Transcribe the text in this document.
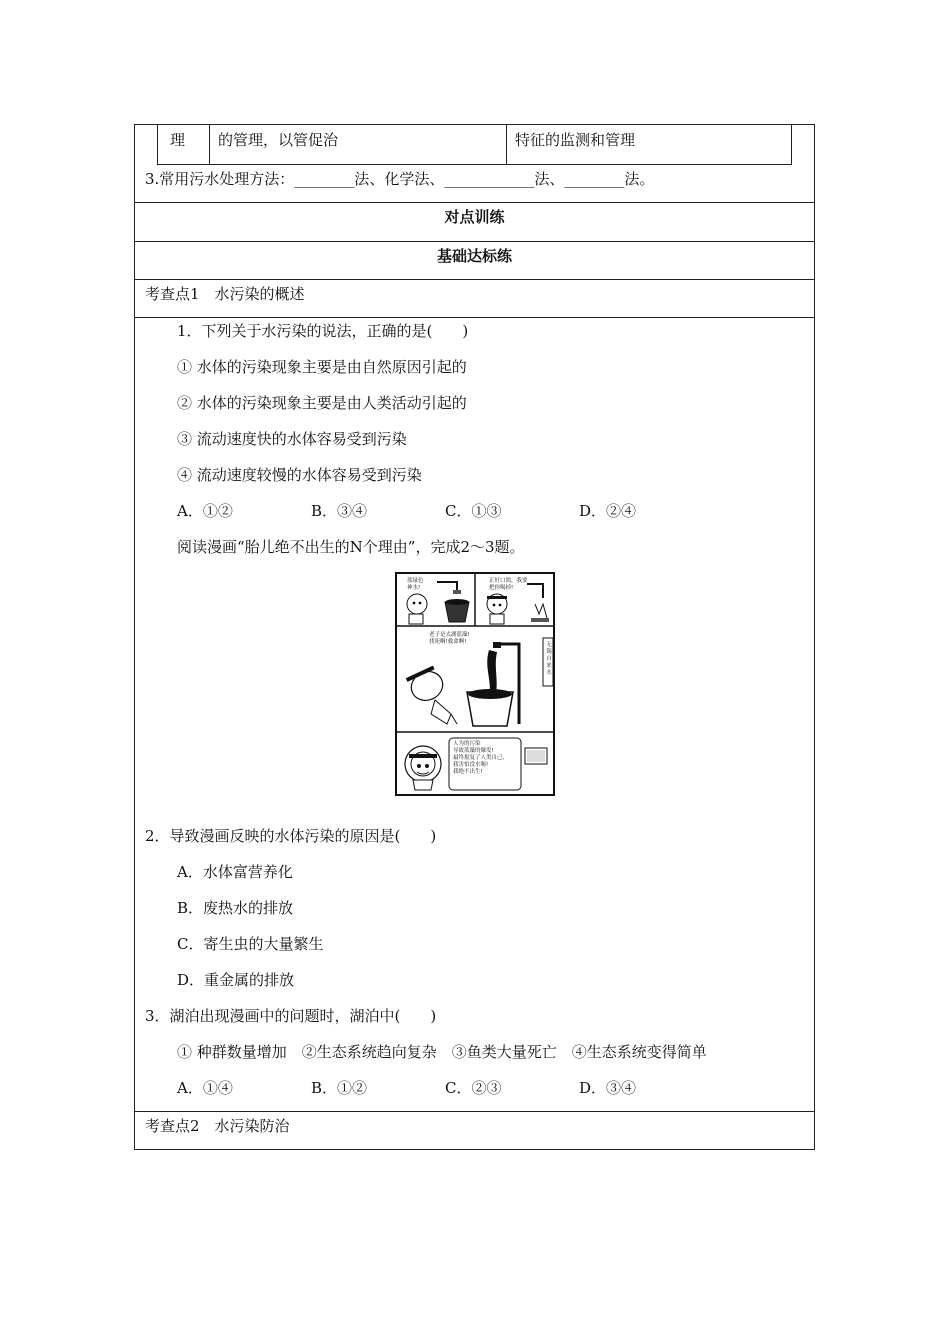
理 的管理，以管促治	特征的监测和管理
3.常用污水处理方法：________法、化学法、____________法、________法。
对点训练
基础达标练
考查点1　水污染的概述
1．下列关于水污染的说法，正确的是(　　)
① 水体的污染现象主要是由自然原因引起的
② 水体的污染现象主要是由人类活动引起的
③ 流动速度快的水体容易受到污染
④ 流动速度较慢的水体容易受到污染
A．①②	B．③④	C．①③	D．②④
阅读漫画“胎儿绝不出生的N个理由”，完成2～3题。
蓝绿色
神水!
正好口渴，我要
把你喝掉!
老子是太湖蓝藻!
找死啊!救命啊!	无
锡
自
来
水
人为的污染
导致蓝藻的爆发!
最终报复了人类自己,
我害怕没水喝!
我绝不出生!
2．导致漫画反映的水体污染的原因是(　　)
A．水体富营养化
B．废热水的排放
C．寄生虫的大量繁生
D．重金属的排放
3．湖泊出现漫画中的问题时，湖泊中(　　)
① 种群数量增加　②生态系统趋向复杂　③鱼类大量死亡　④生态系统变得简单
A．①④	B．①②	C．②③	D．③④
考查点2　水污染防治
